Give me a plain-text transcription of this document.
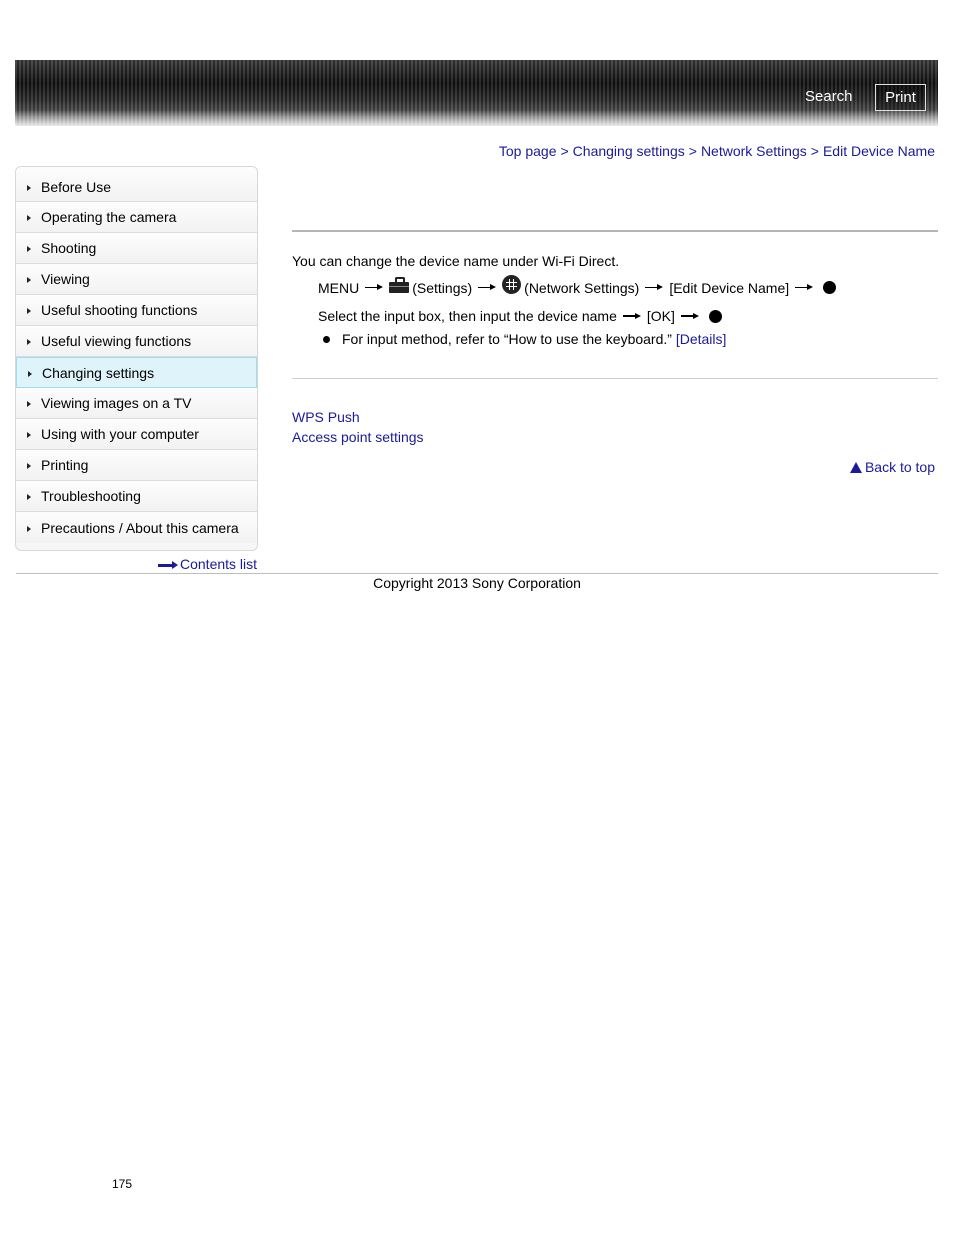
Search	Print
Top page > Changing settings > Network Settings > Edit Device Name
Before Use
Operating the camera
Shooting
Viewing
Useful shooting functions
Useful viewing functions
Changing settings
Viewing images on a TV
Using with your computer
Printing
Troubleshooting
Precautions / About this camera
Contents list
You can change the device name under Wi-Fi Direct.
MENU	(Settings)	(Network Settings) [Edit Device Name]
Select the input box, then input the device name [OK]
For input method, refer to “How to use the keyboard.”
[Details]
WPS Push
Access point settings
Back to top
Copyright 2013 Sony Corporation
175
